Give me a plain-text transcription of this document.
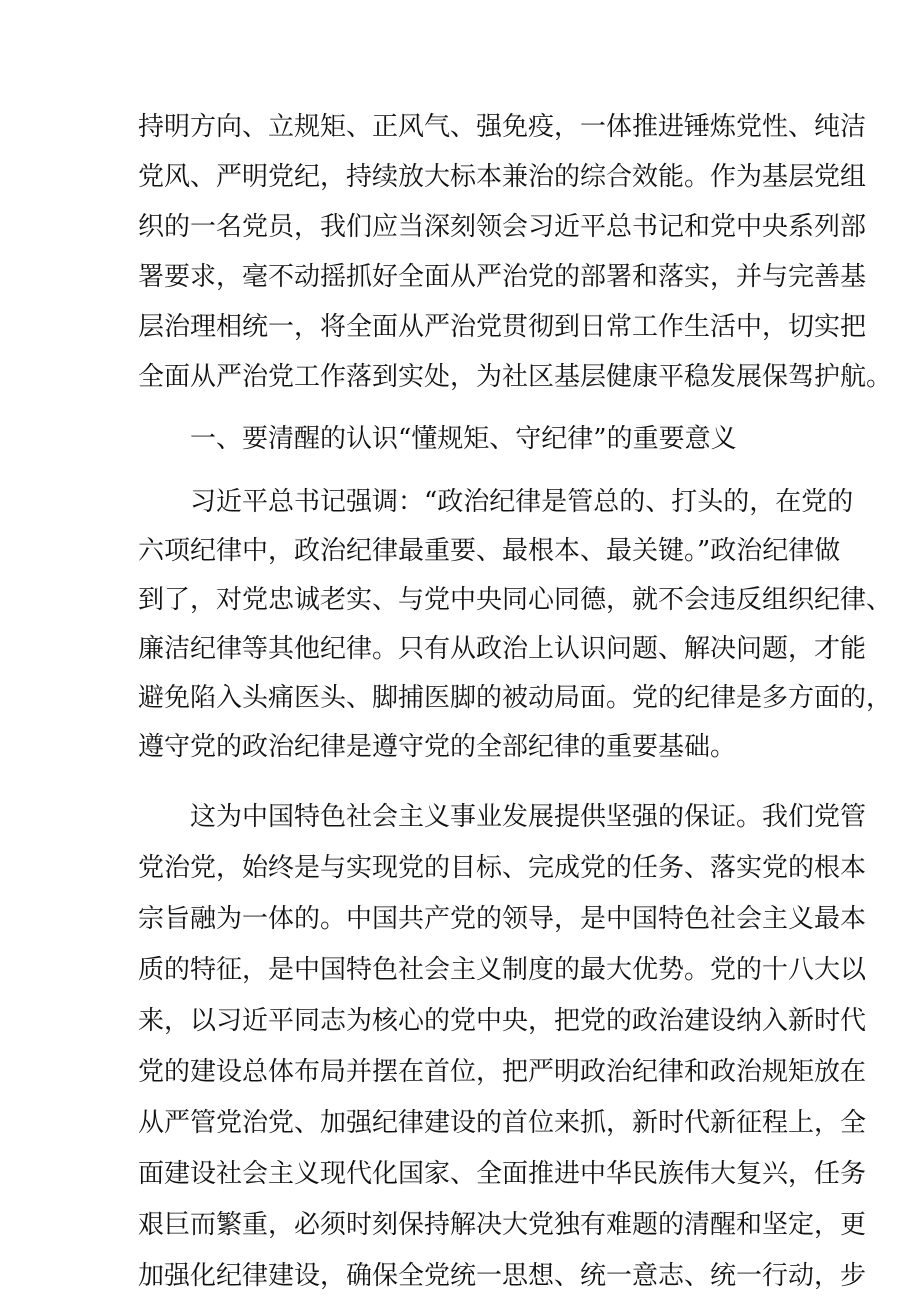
持明方向、立规矩、正风气、强免疫，一体推进锤炼党性、纯洁
党风、严明党纪，持续放大标本兼治的综合效能。作为基层党组
织的一名党员，我们应当深刻领会习近平总书记和党中央系列部
署要求，毫不动摇抓好全面从严治党的部署和落实，并与完善基
层治理相统一，将全面从严治党贯彻到日常工作生活中，切实把
全面从严治党工作落到实处，为社区基层健康平稳发展保驾护航。
一、要清醒的认识“懂规矩、守纪律”的重要意义
习近平总书记强调：“政治纪律是管总的、打头的，在党的
六项纪律中，政治纪律最重要、最根本、最关键。”政治纪律做
到了，对党忠诚老实、与党中央同心同德，就不会违反组织纪律、
廉洁纪律等其他纪律。只有从政治上认识问题、解决问题，才能
避免陷入头痛医头、脚捕医脚的被动局面。党的纪律是多方面的，
遵守党的政治纪律是遵守党的全部纪律的重要基础。
这为中国特色社会主义事业发展提供坚强的保证。我们党管
党治党，始终是与实现党的目标、完成党的任务、落实党的根本
宗旨融为一体的。中国共产党的领导，是中国特色社会主义最本
质的特征，是中国特色社会主义制度的最大优势。党的十八大以
来，以习近平同志为核心的党中央，把党的政治建设纳入新时代
党的建设总体布局并摆在首位，把严明政治纪律和政治规矩放在
从严管党治党、加强纪律建设的首位来抓，新时代新征程上，全
面建设社会主义现代化国家、全面推进中华民族伟大复兴，任务
艰巨而繁重，必须时刻保持解决大党独有难题的清醒和坚定，更
加强化纪律建设，确保全党统一思想、统一意志、统一行动，步
